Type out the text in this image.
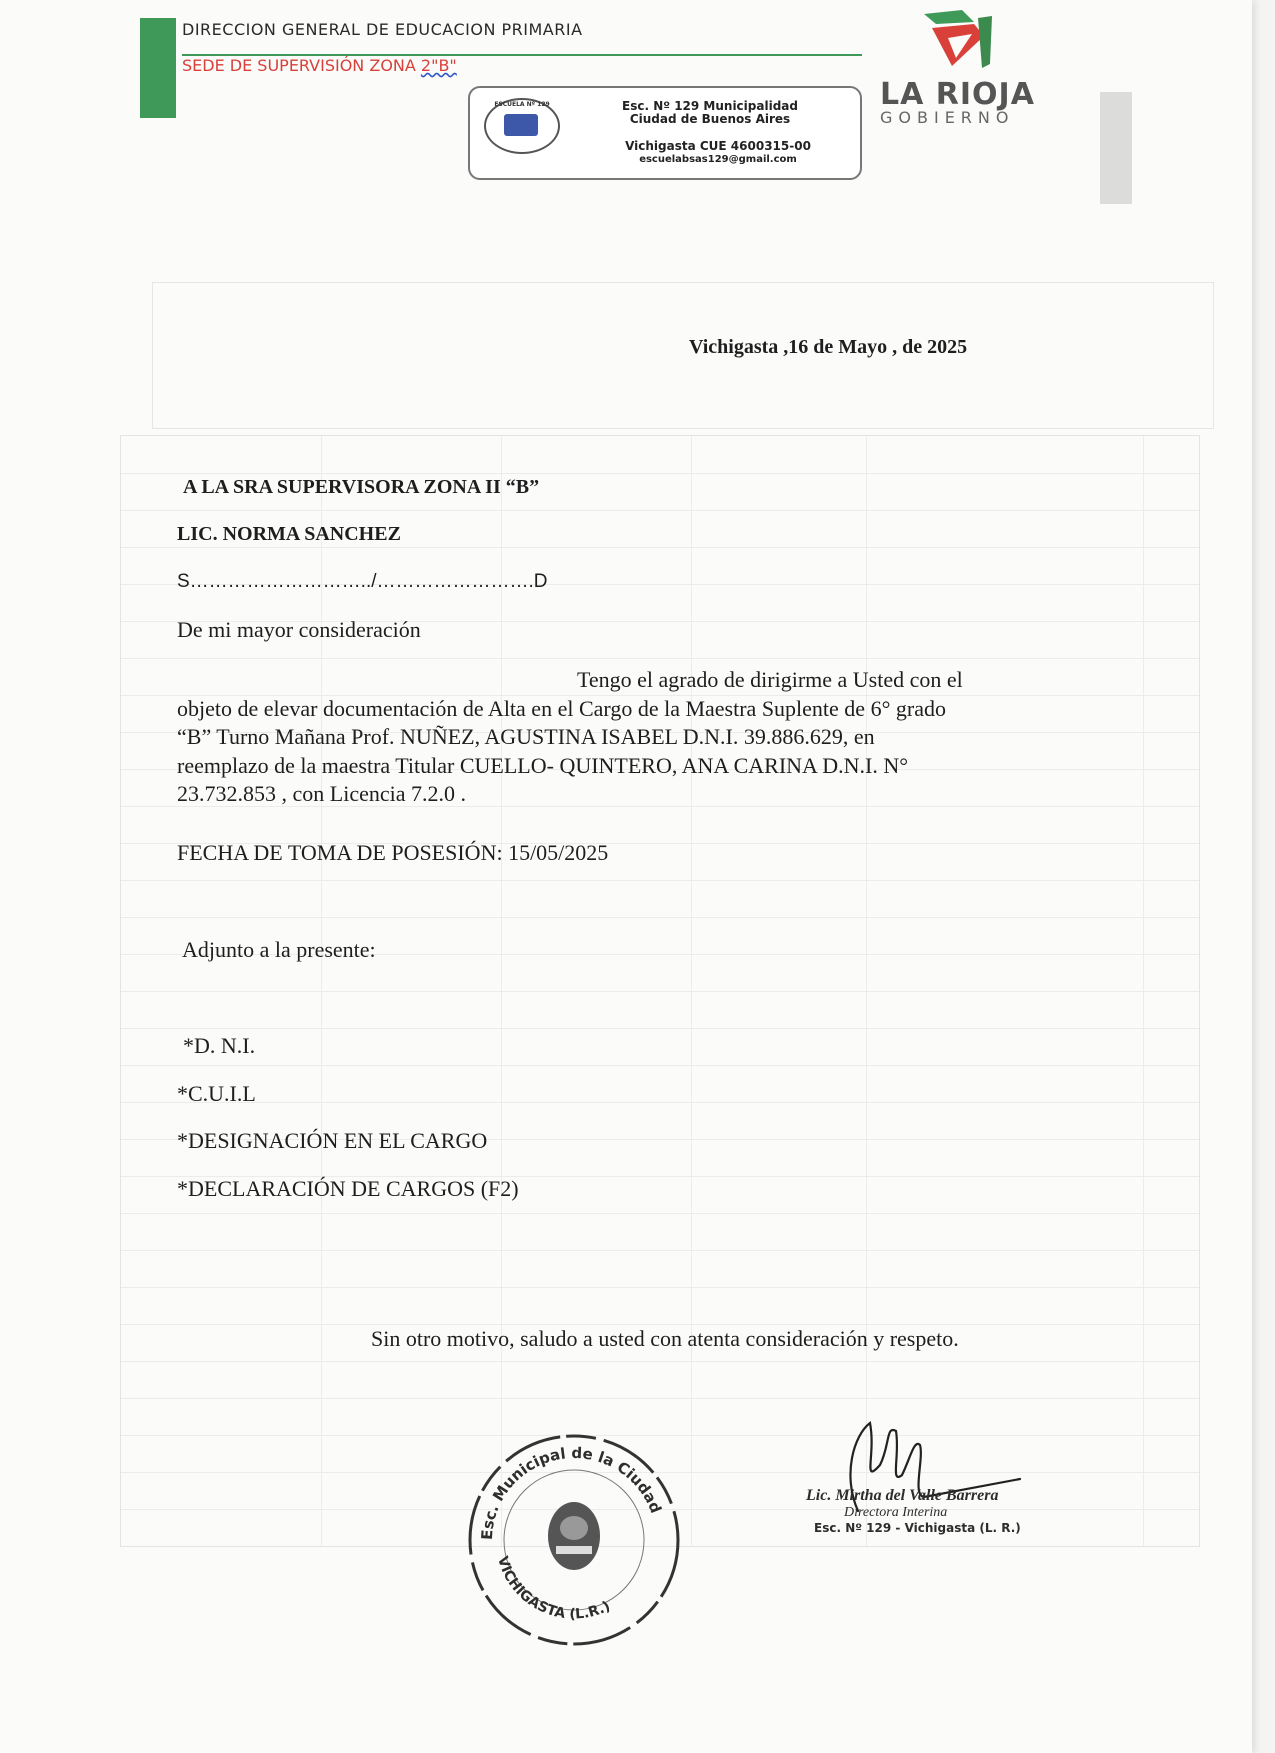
DIRECCION GENERAL DE EDUCACION PRIMARIA
SEDE DE SUPERVISIÓN ZONA 2"B"
ESCUELA Nº 129	Esc. Nº 129 Municipalidad
Ciudad de Buenos Aires
Vichigasta CUE 4600315-00
escuelabsas129@gmail.com
LA RIOJA
GOBIERNO
Vichigasta ,16 de Mayo , de 2025
A LA SRA SUPERVISORA ZONA II “B”
LIC. NORMA SANCHEZ
S………………………../…………………….D
De mi mayor consideración
Tengo el agrado de dirigirme a Usted con el
objeto de elevar documentación de Alta en el Cargo de la Maestra Suplente de 6° grado
“B” Turno Mañana Prof. NUÑEZ, AGUSTINA ISABEL D.N.I. 39.886.629, en
reemplazo de la maestra Titular CUELLO- QUINTERO, ANA CARINA D.N.I. N°
23.732.853 , con Licencia 7.2.0 .
FECHA DE TOMA DE POSESIÓN: 15/05/2025
Adjunto a la presente:
*D. N.I.
*C.U.I.L
*DESIGNACIÓN EN EL CARGO
*DECLARACIÓN DE CARGOS (F2)
Sin otro motivo, saludo a usted con atenta consideración y respeto.
Esc. Municipal de la Ciudad
VICHIGASTA (L.R.)
Lic. Mirtha del Valle Barrera
Directora Interina
Esc. Nº 129 - Vichigasta (L. R.)
